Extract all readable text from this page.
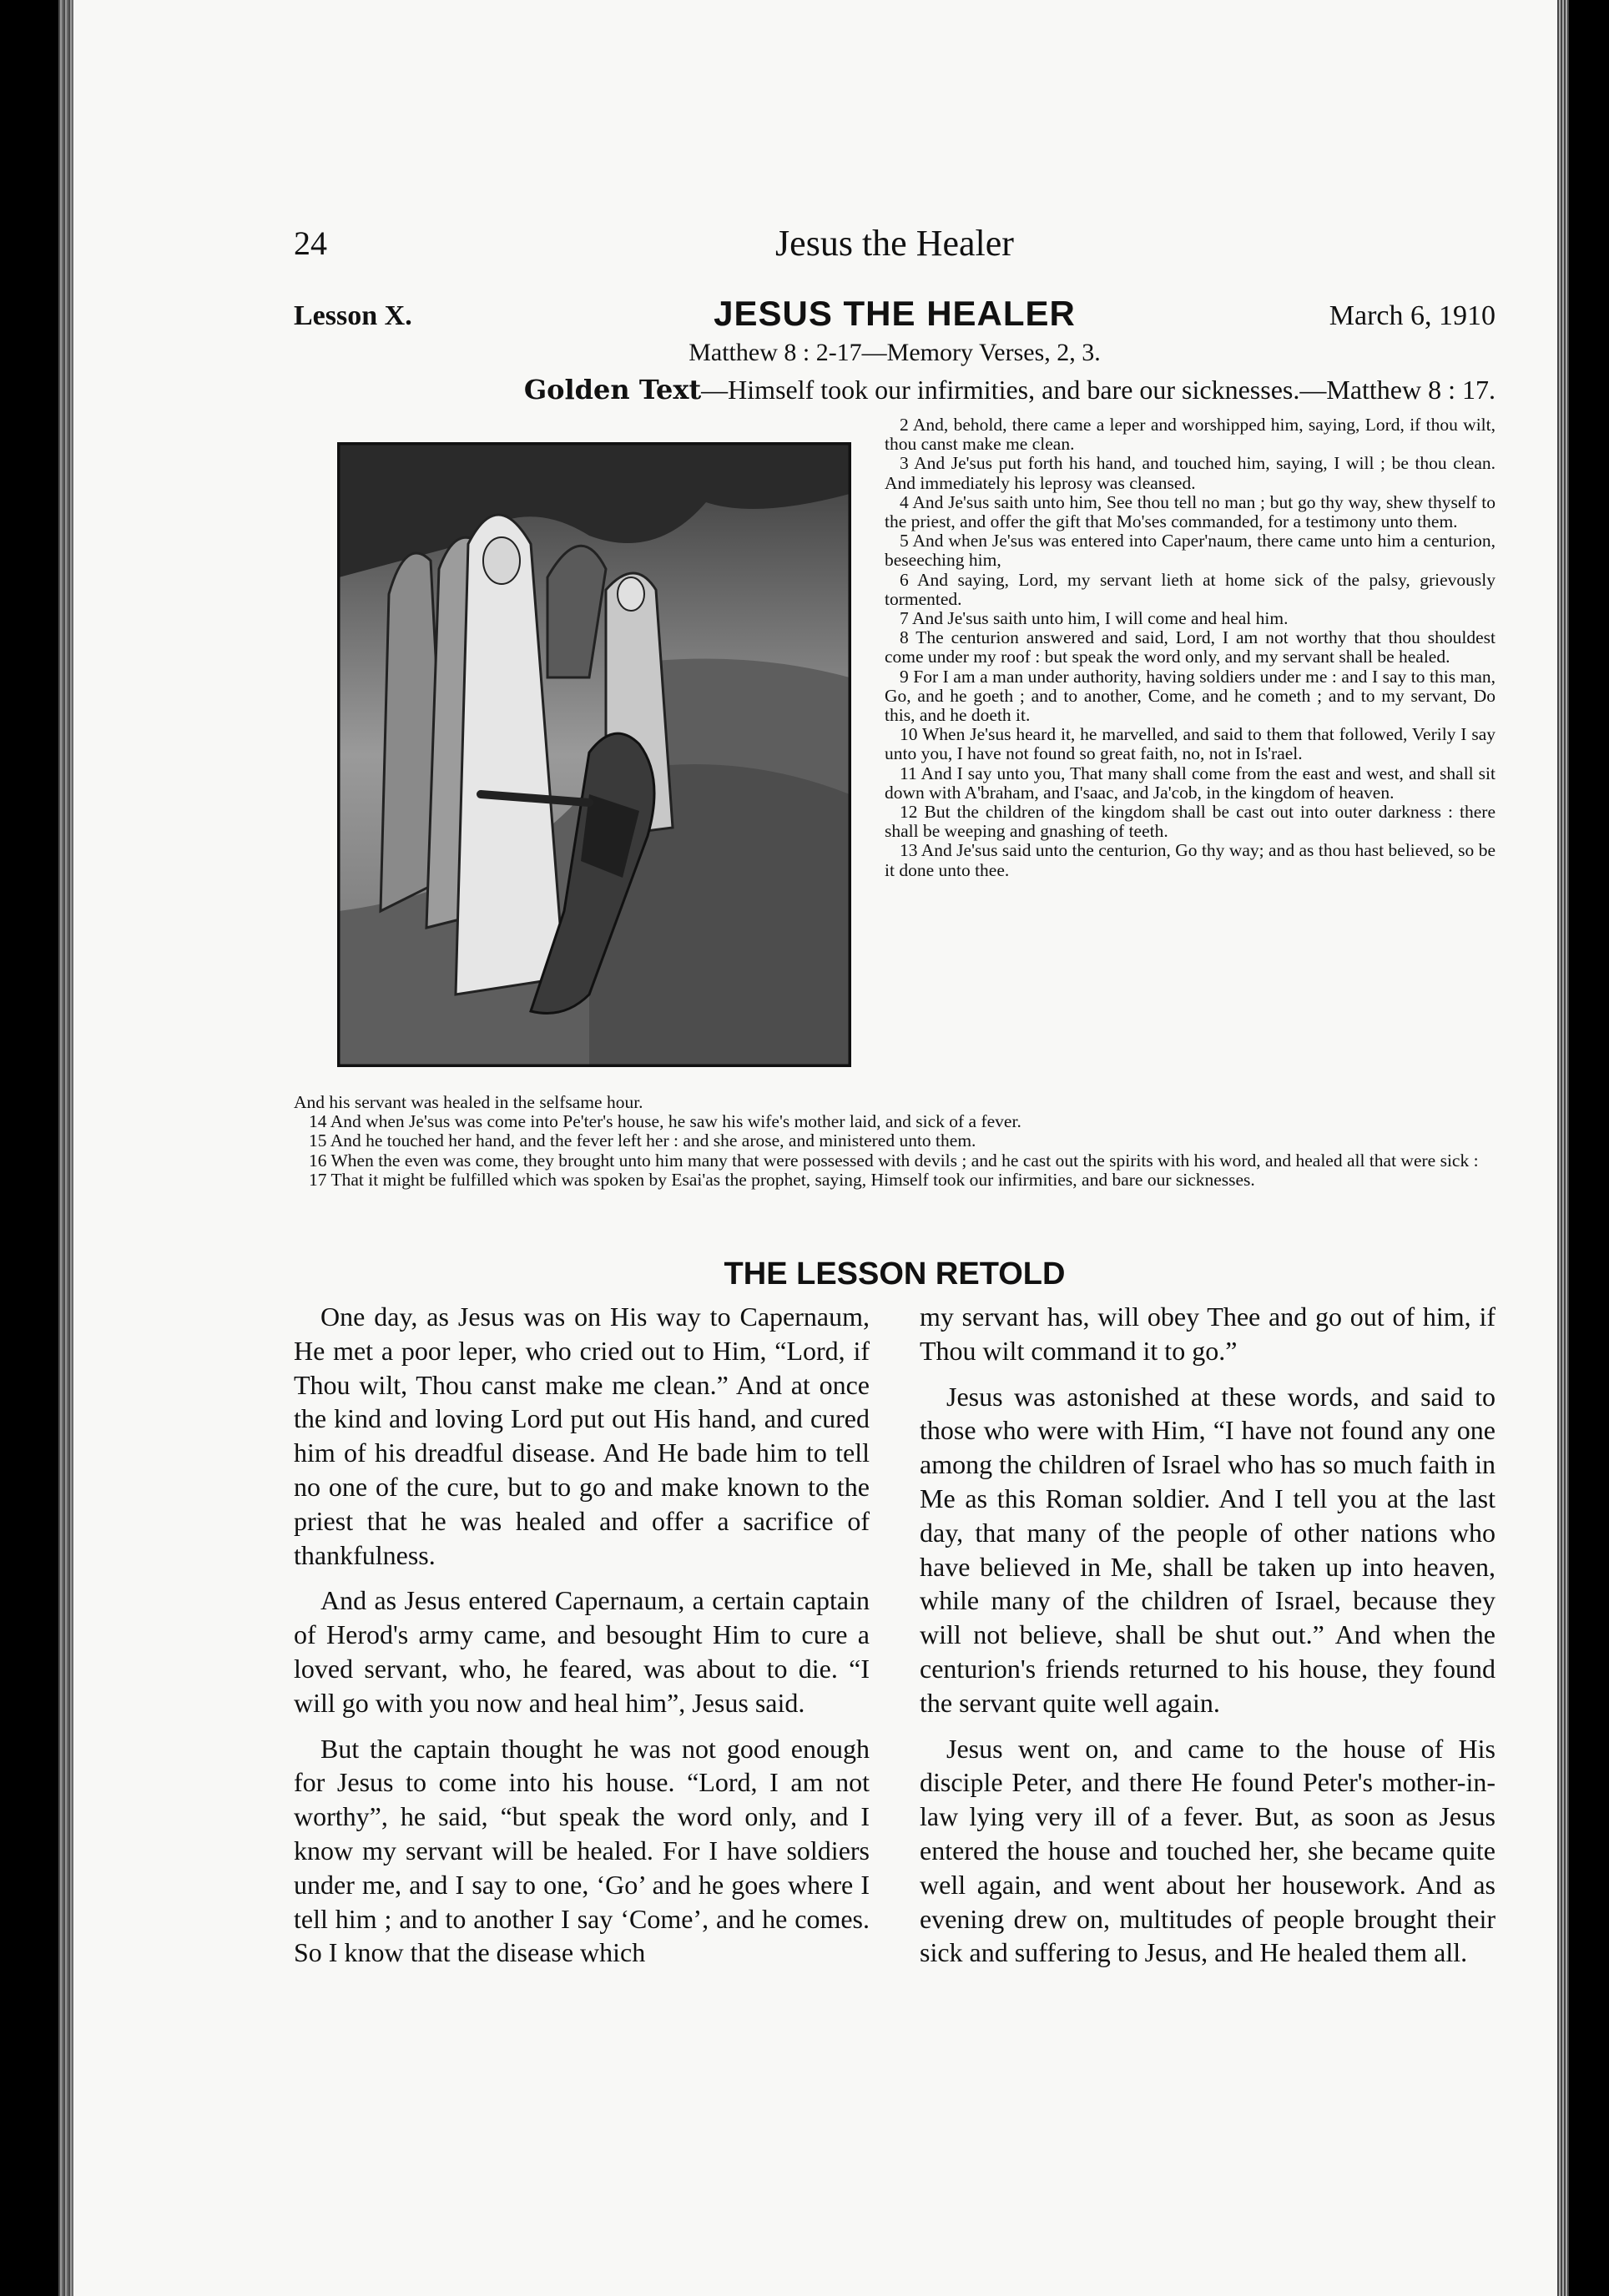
24	Jesus the Healer
Lesson X.	JESUS THE HEALER	March 6, 1910
Matthew 8 : 2-17—Memory Verses, 2, 3.
Golden Text—Himself took our infirmities, and bare our sicknesses.—Matthew 8 : 17.

2 And, behold, there came a leper and worshipped him, saying, Lord, if thou wilt, thou canst make me clean.

3 And Je'sus put forth his hand, and touched him, saying, I will ; be thou clean. And immediately his leprosy was cleansed.

4 And Je'sus saith unto him, See thou tell no man ; but go thy way, shew thyself to the priest, and offer the gift that Mo'ses commanded, for a testimony unto them.

5 And when Je'sus was entered into Caper'naum, there came unto him a centurion, beseeching him,

6 And saying, Lord, my servant lieth at home sick of the palsy, grievously tormented.

7 And Je'sus saith unto him, I will come and heal him.

8 The centurion answered and said, Lord, I am not worthy that thou shouldest come under my roof : but speak the word only, and my servant shall be healed.

9 For I am a man under authority, having soldiers under me : and I say to this man, Go, and he goeth ; and to another, Come, and he cometh ; and to my servant, Do this, and he doeth it.

10 When Je'sus heard it, he marvelled, and said to them that followed, Verily I say unto you, I have not found so great faith, no, not in Is'rael.

11 And I say unto you, That many shall come from the east and west, and shall sit down with A'braham, and I'saac, and Ja'cob, in the kingdom of heaven.

12 But the children of the kingdom shall be cast out into outer darkness : there shall be weeping and gnashing of teeth.

13 And Je'sus said unto the centurion, Go thy way; and as thou hast believed, so be it done unto thee.

And his servant was healed in the selfsame hour.

14 And when Je'sus was come into Pe'ter's house, he saw his wife's mother laid, and sick of a fever.

15 And he touched her hand, and the fever left her : and she arose, and ministered unto them.

16 When the even was come, they brought unto him many that were possessed with devils ; and he cast out the spirits with his word, and healed all that were sick :

17 That it might be fulfilled which was spoken by Esai'as the prophet, saying, Himself took our infirmities, and bare our sicknesses.

THE LESSON RETOLD

One day, as Jesus was on His way to Capernaum, He met a poor leper, who cried out to Him, “Lord, if Thou wilt, Thou canst make me clean.” And at once the kind and loving Lord put out His hand, and cured him of his dreadful disease. And He bade him to tell no one of the cure, but to go and make known to the priest that he was healed and offer a sacrifice of thankfulness.

And as Jesus entered Capernaum, a certain captain of Herod's army came, and besought Him to cure a loved servant, who, he feared, was about to die. “I will go with you now and heal him”, Jesus said.

But the captain thought he was not good enough for Jesus to come into his house. “Lord, I am not worthy”, he said, “but speak the word only, and I know my servant will be healed. For I have soldiers under me, and I say to one, ‘Go’ and he goes where I tell him ; and to another I say ‘Come’, and he comes. So I know that the disease which

my servant has, will obey Thee and go out of him, if Thou wilt command it to go.”

Jesus was astonished at these words, and said to those who were with Him, “I have not found any one among the children of Israel who has so much faith in Me as this Roman soldier. And I tell you at the last day, that many of the people of other nations who have believed in Me, shall be taken up into heaven, while many of the children of Israel, because they will not believe, shall be shut out.” And when the centurion's friends returned to his house, they found the servant quite well again.

Jesus went on, and came to the house of His disciple Peter, and there He found Peter's mother-in-law lying very ill of a fever. But, as soon as Jesus entered the house and touched her, she became quite well again, and went about her housework. And as evening drew on, multitudes of people brought their sick and suffering to Jesus, and He healed them all.
